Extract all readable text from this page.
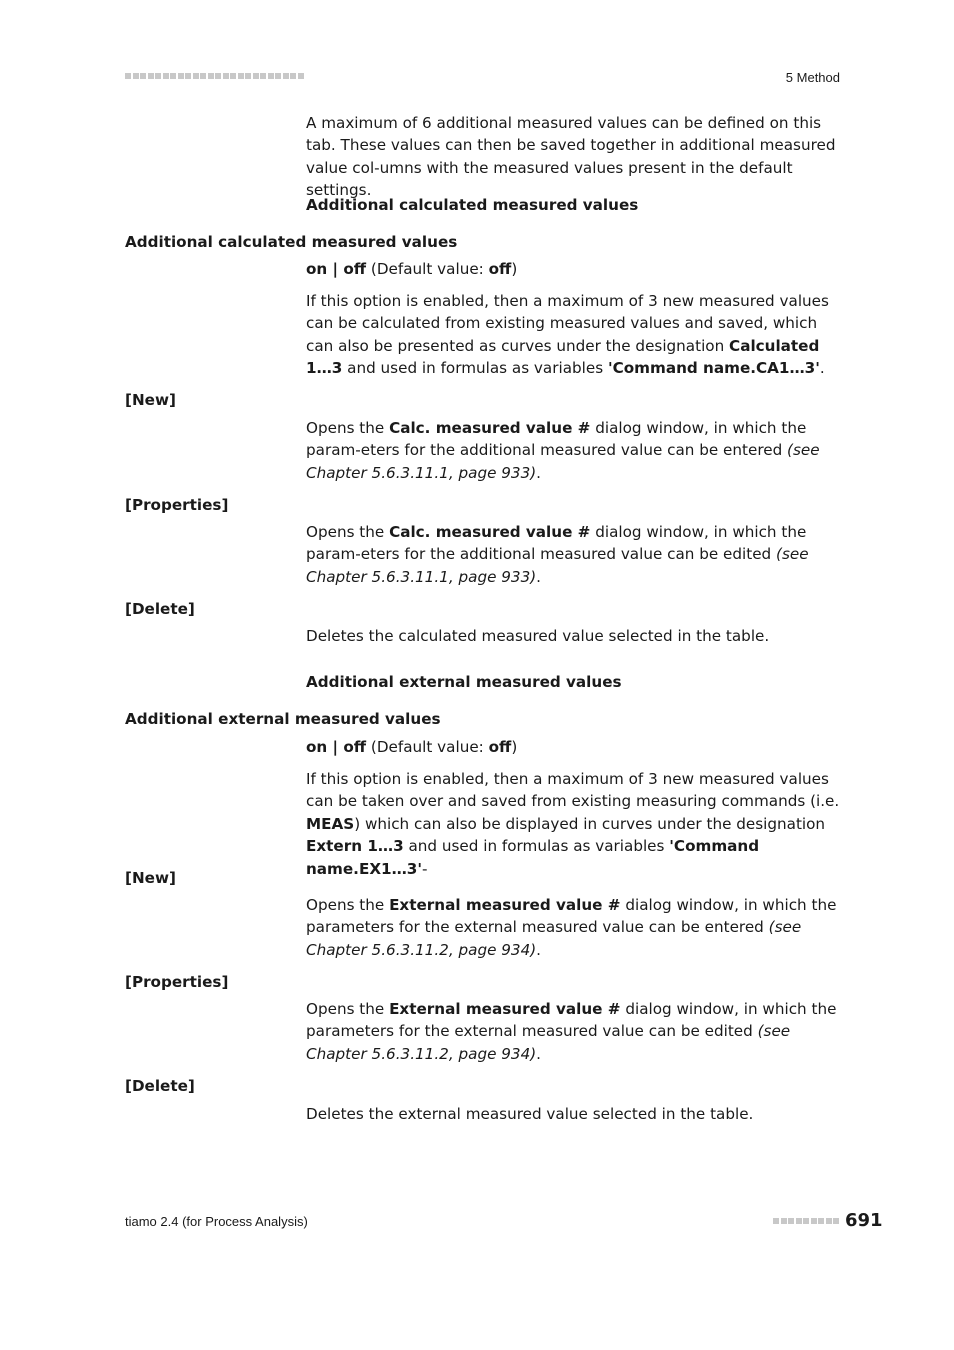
5 Method
A maximum of 6 additional measured values can be defined on this tab. These values can then be saved together in additional measured value col-umns with the measured values present in the default settings.
Additional calculated measured values
Additional calculated measured values
on | off (Default value: off)
If this option is enabled, then a maximum of 3 new measured values can be calculated from existing measured values and saved, which can also be presented as curves under the designation Calculated 1…3 and used in formulas as variables 'Command name.CA1…3'.
[New]
Opens the Calc. measured value # dialog window, in which the param-eters for the additional measured value can be entered (see Chapter 5.6.3.11.1, page 933).
[Properties]
Opens the Calc. measured value # dialog window, in which the param-eters for the additional measured value can be edited (see Chapter 5.6.3.11.1, page 933).
[Delete]
Deletes the calculated measured value selected in the table.
Additional external measured values
Additional external measured values
on | off (Default value: off)
If this option is enabled, then a maximum of 3 new measured values can be taken over and saved from existing measuring commands (i.e. MEAS) which can also be displayed in curves under the designation Extern 1…3 and used in formulas as variables 'Command name.EX1…3'-
[New]
Opens the External measured value # dialog window, in which the parameters for the external measured value can be entered (see Chapter 5.6.3.11.2, page 934).
[Properties]
Opens the External measured value # dialog window, in which the parameters for the external measured value can be edited (see Chapter 5.6.3.11.2, page 934).
[Delete]
Deletes the external measured value selected in the table.
tiamo 2.4 (for Process Analysis)	691
